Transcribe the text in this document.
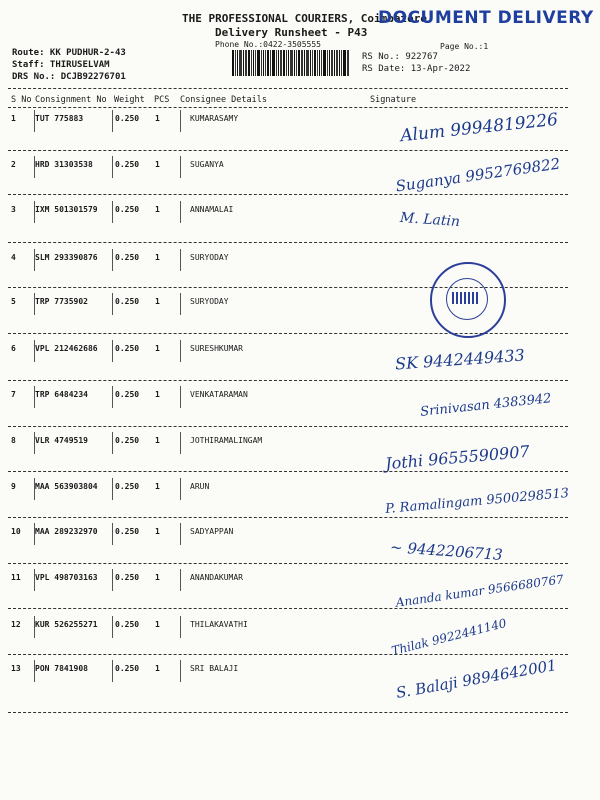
THE PROFESSIONAL COURIERS, Coimbatore
DOCUMENT DELIVERY
Delivery Runsheet - P43
Phone No.:0422-3505555	Page No.:1
Route: KK PUDHUR-2-43
Staff: THIRUSELVAM
DRS No.: DCJB92276701
RS No.: 922767
RS Date: 13-Apr-2022
S No Consignment No Weight PCS Consignee Details	Signature
1 TUT 775883	0.250 1	KUMARASAMY
Alum 9994819226
2 HRD 31303538	0.250 1	SUGANYA
Suganya 9952769822
3 IXM 501301579 0.250 1	ANNAMALAI
M. Latin
4 SLM 293390876 0.250 1	SURYODAY
5 TRP 7735902	0.250 1	SURYODAY
6 VPL 212462686 0.250 1	SURESHKUMAR
SK 9442449433
7 TRP 6484234	0.250 1	VENKATARAMAN
Srinivasan 4383942
8 VLR 4749519	0.250 1	JOTHIRAMALINGAM
Jothi 9655590907
9 MAA 563903804 0.250 1	ARUN
P. Ramalingam 9500298513
10 MAA 289232970 0.250 1	SADYAPPAN
~ 9442206713
11 VPL 498703163 0.250 1	ANANDAKUMAR
Ananda kumar 9566680767
12 KUR 526255271 0.250 1	THILAKAVATHI
Thilak 9922441140
13 PON 7841908	0.250 1	SRI BALAJI
S. Balaji 9894642001
